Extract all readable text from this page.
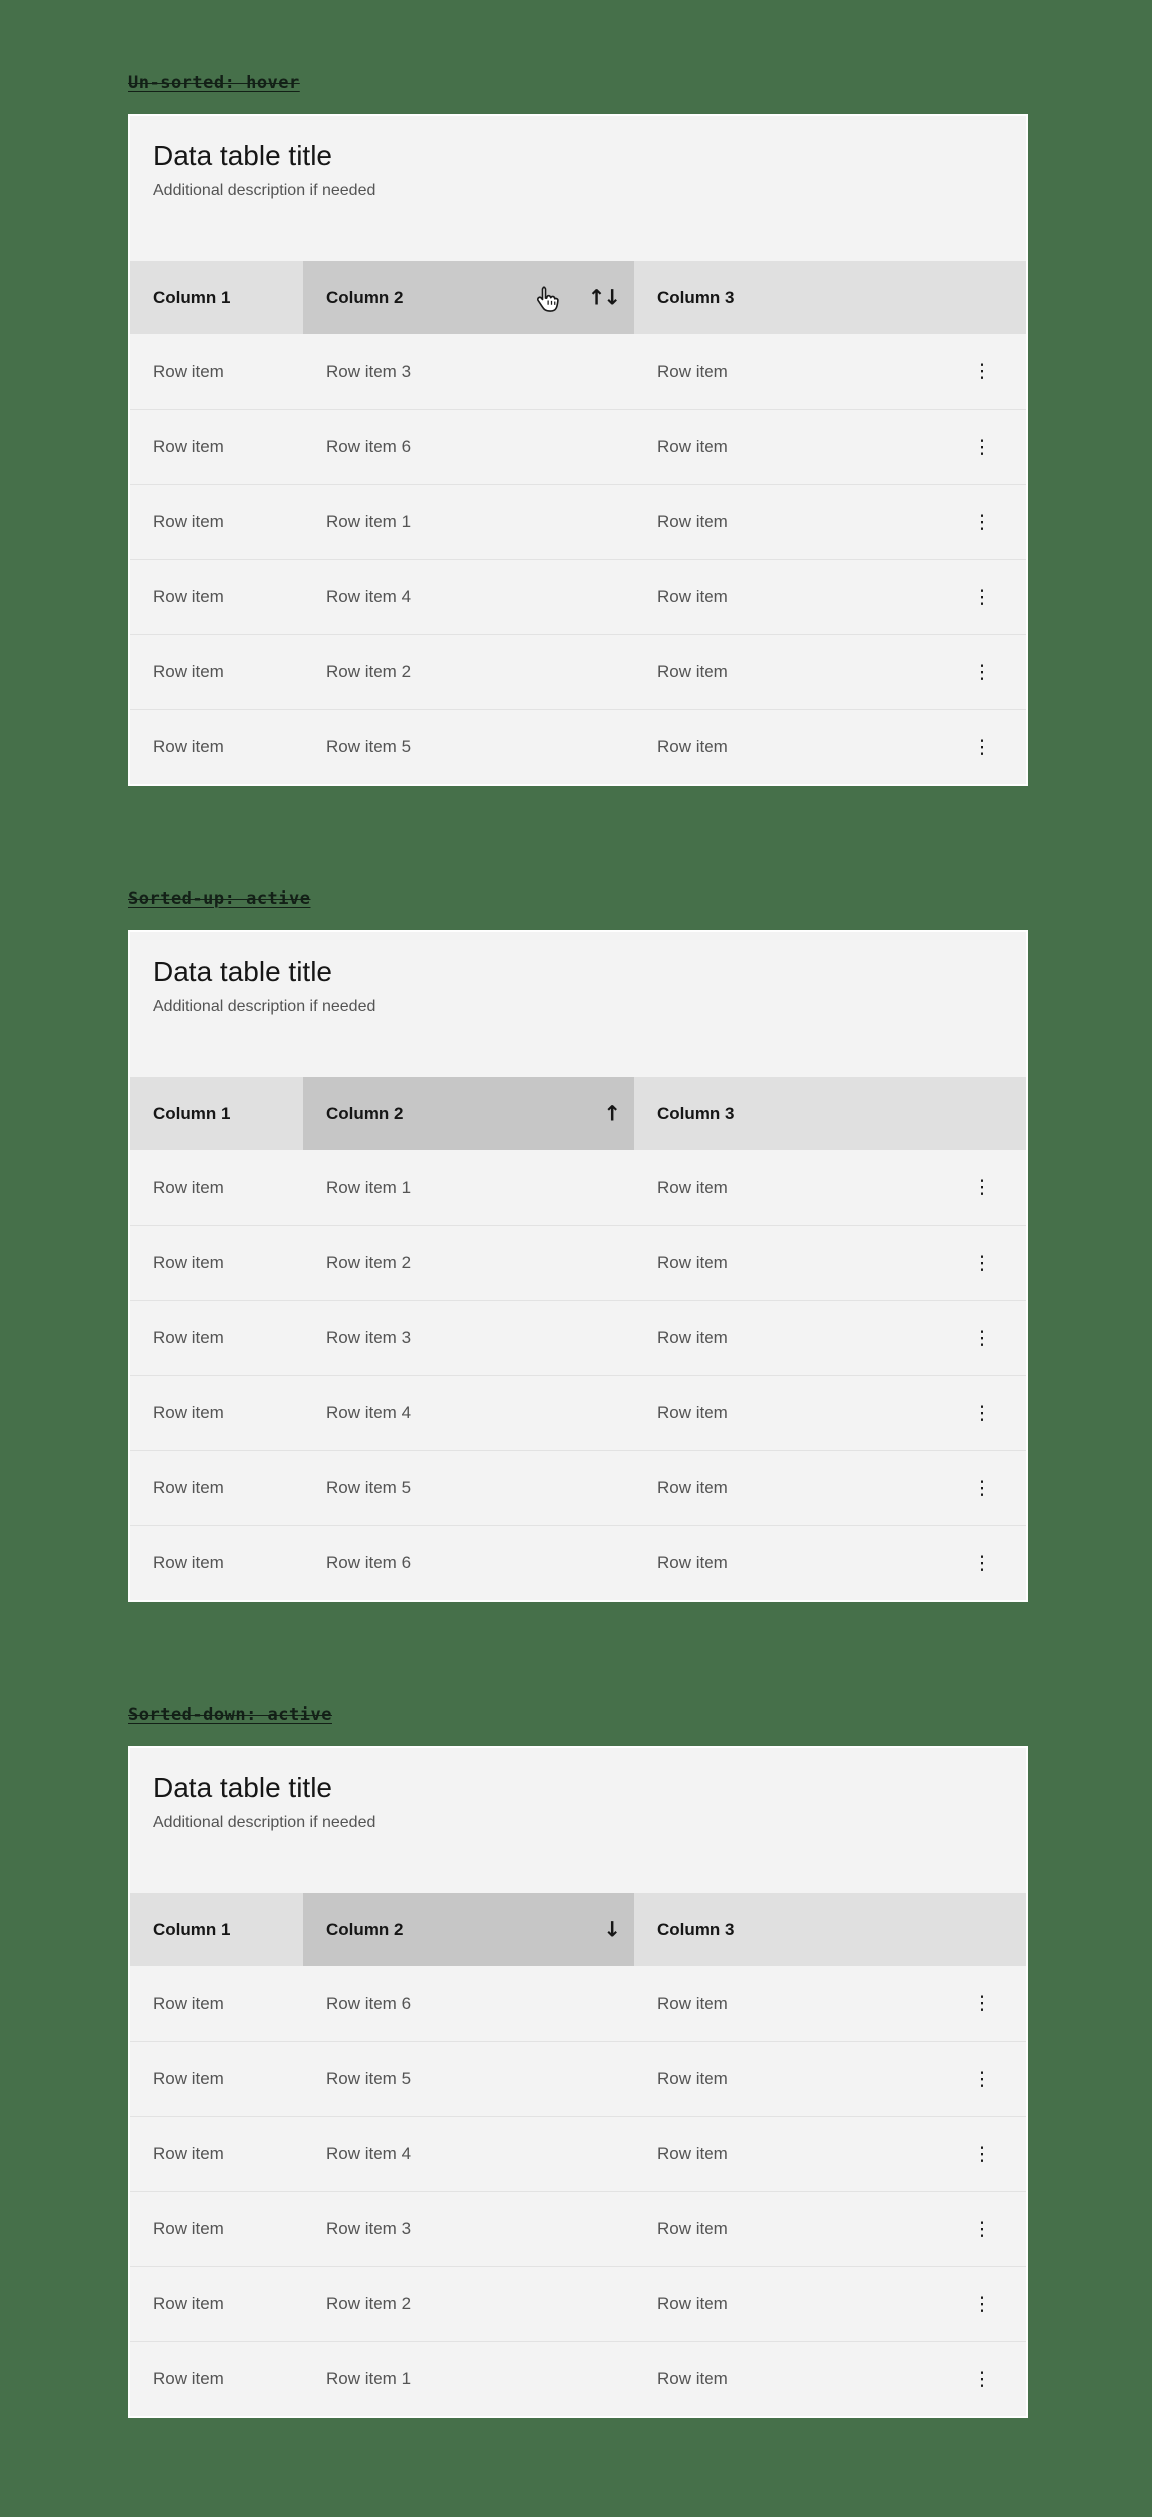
Un-sorted: hover
Data table title
Additional description if needed
Column 1	Column 2	↑↓	Column 3
Row item	Row item 3	Row item	⋮
Row item	Row item 6	Row item	⋮
Row item	Row item 1	Row item	⋮
Row item	Row item 4	Row item	⋮
Row item	Row item 2	Row item	⋮
Row item	Row item 5	Row item	⋮
Sorted-up: active
Data table title
Additional description if needed
Column 1	Column 2	↑	Column 3
Row item	Row item 1	Row item	⋮
Row item	Row item 2	Row item	⋮
Row item	Row item 3	Row item	⋮
Row item	Row item 4	Row item	⋮
Row item	Row item 5	Row item	⋮
Row item	Row item 6	Row item	⋮
Sorted-down: active
Data table title
Additional description if needed
Column 1	Column 2	↓	Column 3
Row item	Row item 6	Row item	⋮
Row item	Row item 5	Row item	⋮
Row item	Row item 4	Row item	⋮
Row item	Row item 3	Row item	⋮
Row item	Row item 2	Row item	⋮
Row item	Row item 1	Row item	⋮
